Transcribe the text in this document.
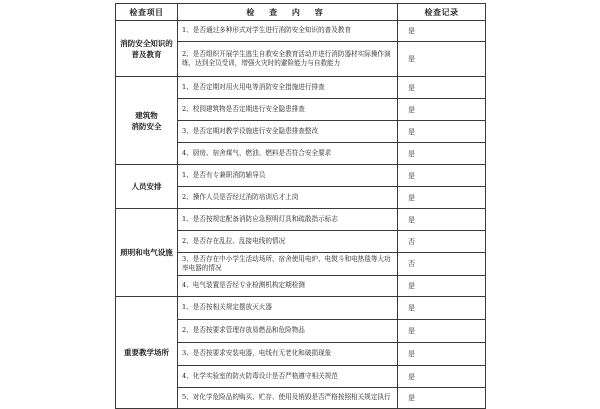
检查项目	检 查 内 容	检查记录
消防安全知识的
普及教育	1、是否通过多种形式对学生进行消防安全知识的普及教育	是
	2、是否组织开展学生逃生自救安全教育活动并进行消防器材实际操作演练，达到全员受训，增强火灾时的避险能力与自救能力	是
建筑物
消防安全	1、是否定期对用火用电等消防安全措施进行排查	是
	2、校园建筑物是否定期进行安全隐患排查	是
	3、是否定期对教学设施进行安全隐患排查整改	是
	4、厨房、宿舍煤气、燃油、燃料是否符合安全要求	是
人员安排	1、是否有专兼职消防辅导员	是
	2、操作人员是否经过消防培训后才上岗	是
照明和电气设施	1、是否按规定配备消防应急照明灯具和疏散指示标志	是
	2、是否存在乱拉、乱接电线的情况	否
	3、是否存在中小学生活动场所、宿舍使用电炉、电熨斗和电热毯等大功率电器的情况	否
	4、电气装置是否经专业检测机构定期检测	是
重要教学场所	1、是否按相关规定摆放灭火器	是
	2、是否按要求管理存放易燃品和危险物品	是
	3、是否按要求安装电器，电线有无老化和破损现象	是
	4、化学实验室的防火防毒设计是否严格遵守相关规范	是
	5、对化学危险品的购买、贮存、使用及销毁是否严格按照相关规定执行	是
